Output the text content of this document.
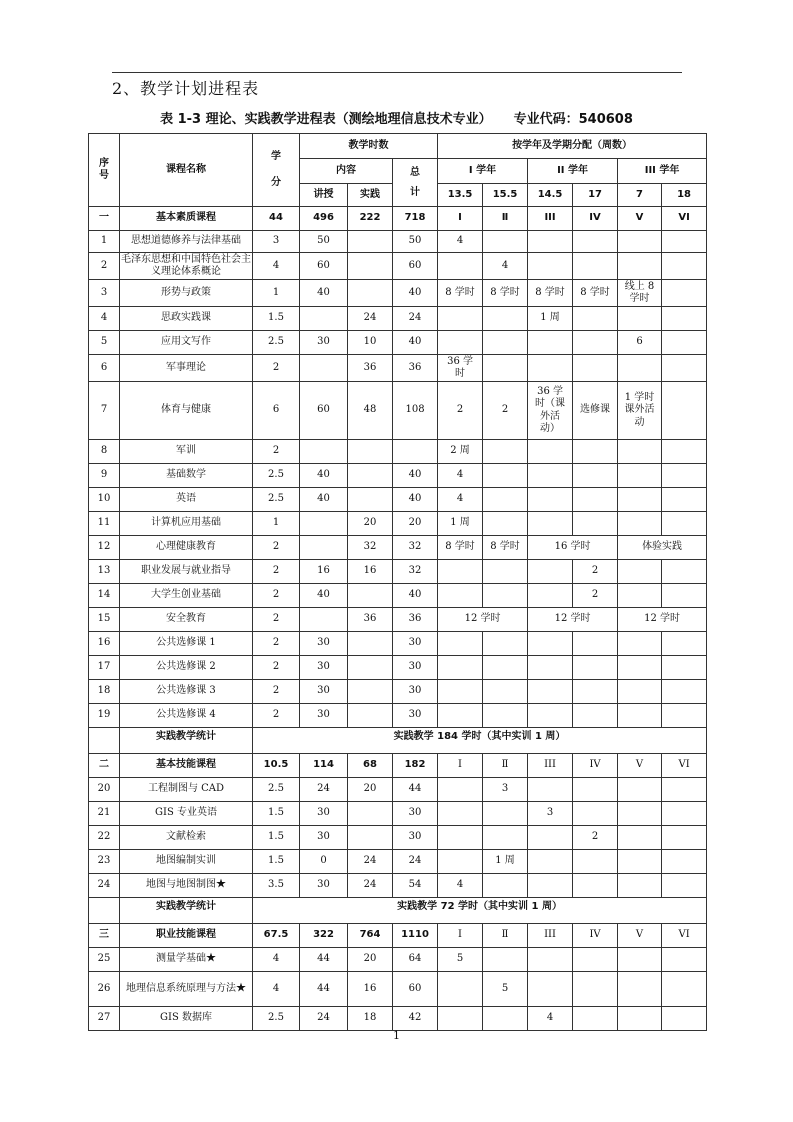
2、教学计划进程表
表 1-3 理论、实践教学进程表（测绘地理信息技术专业） 专业代码：540608
序号	课程名称	学分	教学时数			按学年及学期分配（周数）					
			内容		总计	I 学年		II 学年		III 学年	
			讲授	实践		13.5	15.5	14.5	17	7	18
一	基本素质课程	44	496	222	718	Ⅰ	Ⅱ	III	IV	V	VI
1	思想道德修养与法律基础	3	50		50	4					
2	毛泽东思想和中国特色社会主义理论体系概论	4	60		60		4				
3	形势与政策	1	40		40	8 学时	8 学时	8 学时	8 学时	线上 8 学时	
4	思政实践课	1.5		24	24			1 周			
5	应用文写作	2.5	30	10	40					6	
6	军事理论	2		36	36	36 学时					
7	体育与健康	6	60	48	108	2	2	36 学时（课外活动）	选修课	1 学时课外活动	
8	军训	2				2 周					
9	基础数学	2.5	40		40	4					
10	英语	2.5	40		40	4					
11	计算机应用基础	1		20	20	1 周					
12	心理健康教育	2		32	32	8 学时	8 学时	16 学时		体验实践	
13	职业发展与就业指导	2	16	16	32				2		
14	大学生创业基础	2	40		40				2		
15	安全教育	2		36	36	12 学时		12 学时		12 学时	
16	公共选修课 1	2	30		30						
17	公共选修课 2	2	30		30						
18	公共选修课 3	2	30		30						
19	公共选修课 4	2	30		30						
	实践教学统计	实践教学 184 学时（其中实训 1 周）									
二	基本技能课程	10.5	114	68	182	Ⅰ	Ⅱ	III	IV	V	VI
20	工程制图与 CAD	2.5	24	20	44		3				
21	GIS 专业英语	1.5	30		30			3			
22	文献检索	1.5	30		30				2		
23	地图编制实训	1.5	0	24	24		1 周				
24	地图与地图制图★	3.5	30	24	54	4					
	实践教学统计	实践教学 72 学时（其中实训 1 周）									
三	职业技能课程	67.5	322	764	1110	Ⅰ	Ⅱ	III	IV	V	VI
25	测量学基础★	4	44	20	64	5					
26	地理信息系统原理与方法★	4	44	16	60		5				
27	GIS 数据库	2.5	24	18	42			4			
1
